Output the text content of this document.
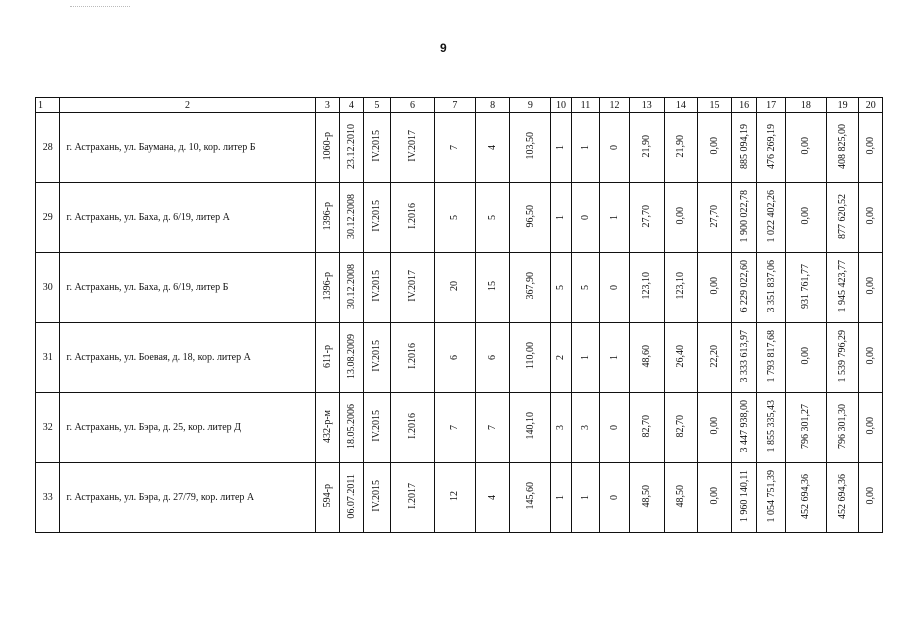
9
1	2	3	4	5	6	7	8	9	10	11	12	13	14	15	16	17	18	19	20
28	г. Астрахань, ул. Баумана, д. 10, кор. литер Б	1060-р	23.12.2010	IV.2015	IV.2017	7	4	103,50	1	1	0	21,90	21,90	0,00	885 094,19	476 269,19	0,00	408 825,00	0,00
29	г. Астрахань, ул. Баха, д. 6/19, литер А	1396-р	30.12.2008	IV.2015	I.2016	5	5	96,50	1	0	1	27,70	0,00	27,70	1 900 022,78	1 022 402,26	0,00	877 620,52	0,00
30	г. Астрахань, ул. Баха, д. 6/19, литер Б	1396-р	30.12.2008	IV.2015	IV.2017	20	15	367,90	5	5	0	123,10	123,10	0,00	6 229 022,60	3 351 837,06	931 761,77	1 945 423,77	0,00
31	г. Астрахань, ул. Боевая, д. 18, кор. литер А	611-р	13.08.2009	IV.2015	I.2016	6	6	110,00	2	1	1	48,60	26,40	22,20	3 333 613,97	1 793 817,68	0,00	1 539 796,29	0,00
32	г. Астрахань, ул. Бэра, д. 25, кор. литер Д	432-р-м	18.05.2006	IV.2015	I.2016	7	7	140,10	3	3	0	82,70	82,70	0,00	3 447 938,00	1 855 335,43	796 301,27	796 301,30	0,00
33	г. Астрахань, ул. Бэра, д. 27/79, кор. литер А	594-р	06.07.2011	IV.2015	I.2017	12	4	145,60	1	1	0	48,50	48,50	0,00	1 960 140,11	1 054 751,39	452 694,36	452 694,36	0,00
